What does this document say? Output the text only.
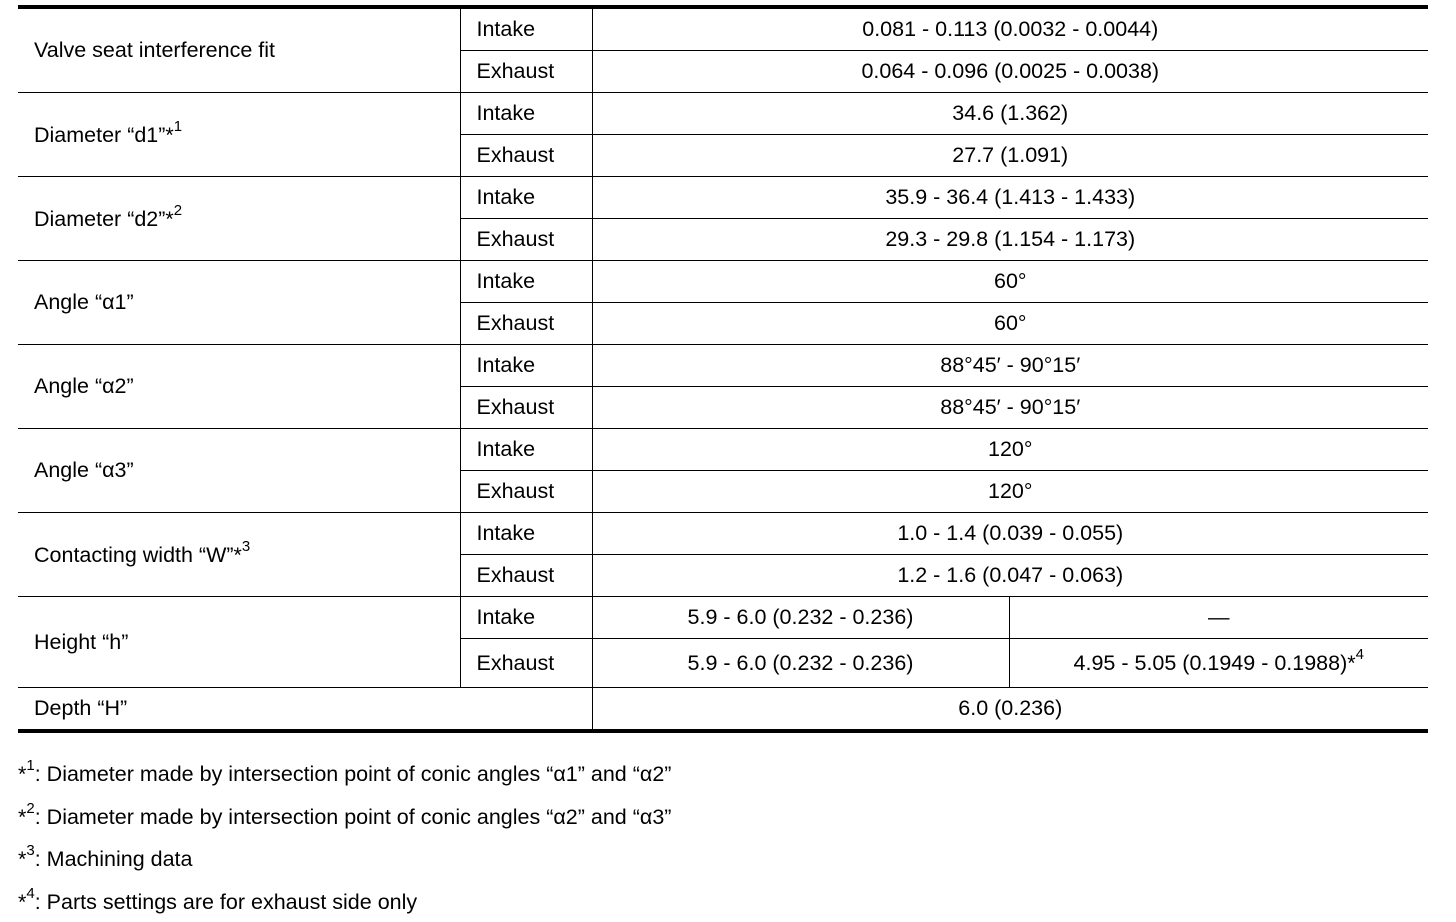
Valve seat interference fit	Intake	0.081 - 0.113 (0.0032 - 0.0044)	
	Exhaust	0.064 - 0.096 (0.0025 - 0.0038)	
Diameter “d1”*$^1$	Intake	34.6 (1.362)	
	Exhaust	27.7 (1.091)	
Diameter “d2”*$^2$	Intake	35.9 - 36.4 (1.413 - 1.433)	
	Exhaust	29.3 - 29.8 (1.154 - 1.173)	
Angle “α1”	Intake	60°	
	Exhaust	60°	
Angle “α2”	Intake	88°45′ - 90°15′	
	Exhaust	88°45′ - 90°15′	
Angle “α3”	Intake	120°	
	Exhaust	120°	
Contacting width “W”*$^3$	Intake	1.0 - 1.4 (0.039 - 0.055)	
	Exhaust	1.2 - 1.6 (0.047 - 0.063)	
Height “h”	Intake	5.9 - 6.0 (0.232 - 0.236)	—
	Exhaust	5.9 - 6.0 (0.232 - 0.236)	4.95 - 5.05 (0.1949 - 0.1988)*$^4$
Depth “H”		6.0 (0.236)	
*$^1$: Diameter made by intersection point of conic angles “α1” and “α2”
*$^2$: Diameter made by intersection point of conic angles “α2” and “α3”
*$^3$: Machining data
*$^4$: Parts settings are for exhaust side only
